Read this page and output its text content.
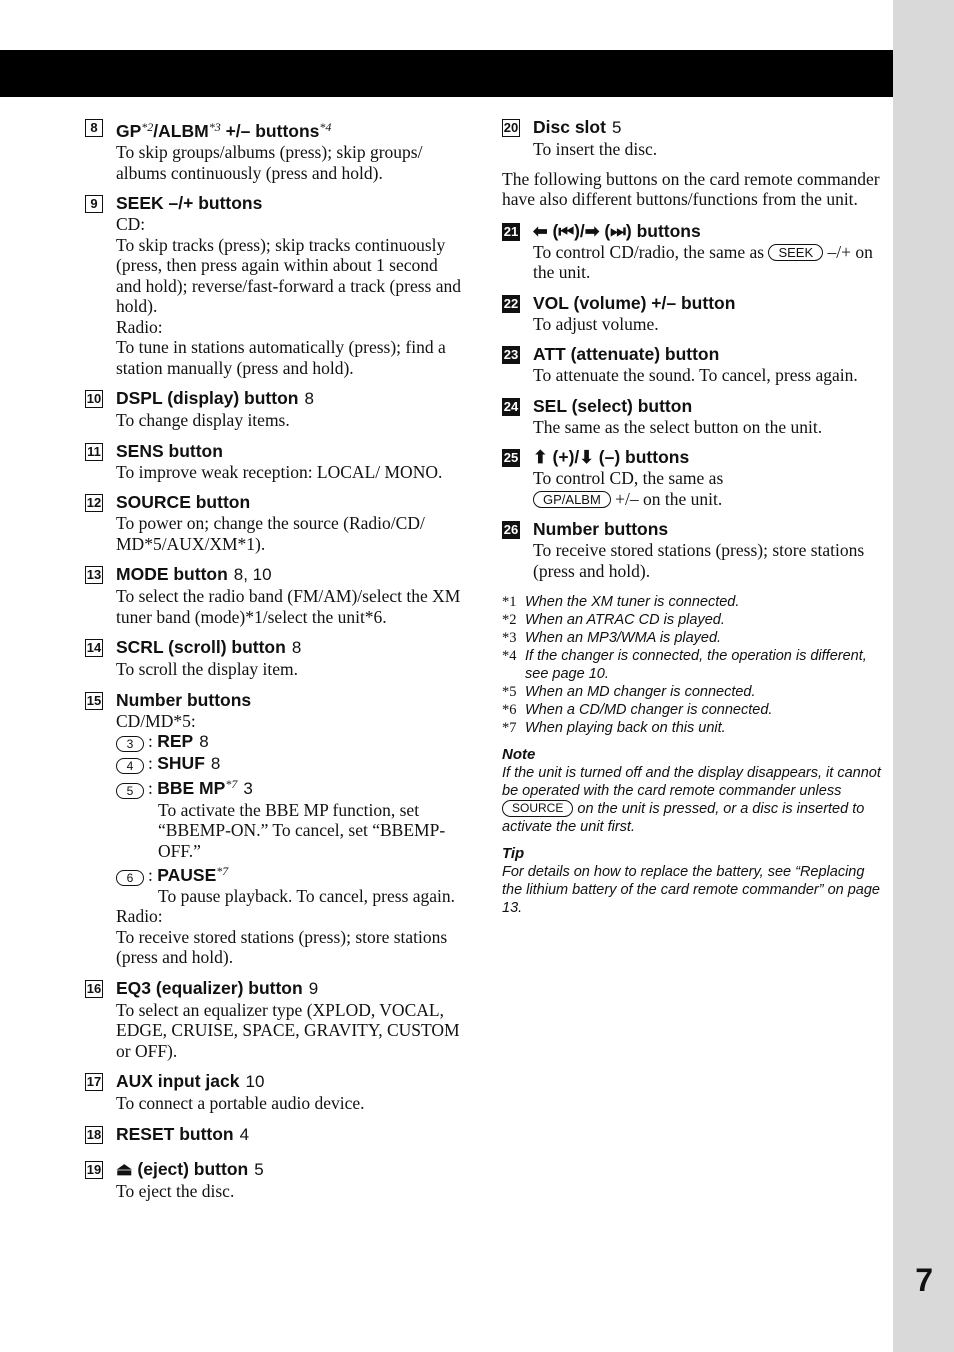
7
8	$GP^{*2}/ALBM^{*3}$ +/– buttons$^{*4}$
To skip groups/albums (press); skip groups/ albums continuously (press and hold).
9	SEEK –/+ buttons
CD:
To skip tracks (press); skip tracks continuously (press, then press again within about 1 second and hold); reverse/fast-forward a track (press and hold).
Radio:
To tune in stations automatically (press); find a station manually (press and hold).
10 DSPL (display) button 8
To change display items.
11 SENS button
To improve weak reception: LOCAL/ MONO.
12 SOURCE button
To power on; change the source (Radio/CD/ MD*5/AUX/XM*1).
13 MODE button 8, 10
To select the radio band (FM/AM)/select the XM tuner band (mode)*1/select the unit*6.
14 SCRL (scroll) button 8
To scroll the display item.
15 Number buttons
CD/MD*5:
3 : REP 8
4 : SHUF 8
5 : BBE MP$^{*7}$ 3
To activate the BBE MP function, set “BBEMP-ON.” To cancel, set “BBEMP-OFF.”
6 : PAUSE$^{*7}$
To pause playback. To cancel, press again.
Radio:
To receive stored stations (press); store stations (press and hold).
16 EQ3 (equalizer) button 9
To select an equalizer type (XPLOD, VOCAL, EDGE, CRUISE, SPACE, GRAVITY, CUSTOM or OFF).
17 AUX input jack 10
To connect a portable audio device.
18 RESET button 4
19 ⏏ (eject) button 5
To eject the disc.
20 Disc slot 5
To insert the disc.
The following buttons on the card remote commander have also different buttons/functions from the unit.
21 ⬅ (⏮)/➡ (⏭) buttons
To control CD/radio, the same as SEEK –/+ on the unit.
22 VOL (volume) +/– button
To adjust volume.
23 ATT (attenuate) button
To attenuate the sound. To cancel, press again.
24 SEL (select) button
The same as the select button on the unit.
25 ⬆ (+)/⬇ (–) buttons
To control CD, the same as
GP/ALBM +/– on the unit.
26 Number buttons
To receive stored stations (press); store stations (press and hold).
*1 When the XM tuner is connected.
*2 When an ATRAC CD is played.
*3 When an MP3/WMA is played.
*4 If the changer is connected, the operation is different, see page 10.
*5 When an MD changer is connected.
*6 When a CD/MD changer is connected.
*7 When playing back on this unit.
Note
If the unit is turned off and the display disappears, it cannot be operated with the card remote commander unless SOURCE on the unit is pressed, or a disc is inserted to activate the unit first.
Tip
For details on how to replace the battery, see “Replacing the lithium battery of the card remote commander” on page 13.
